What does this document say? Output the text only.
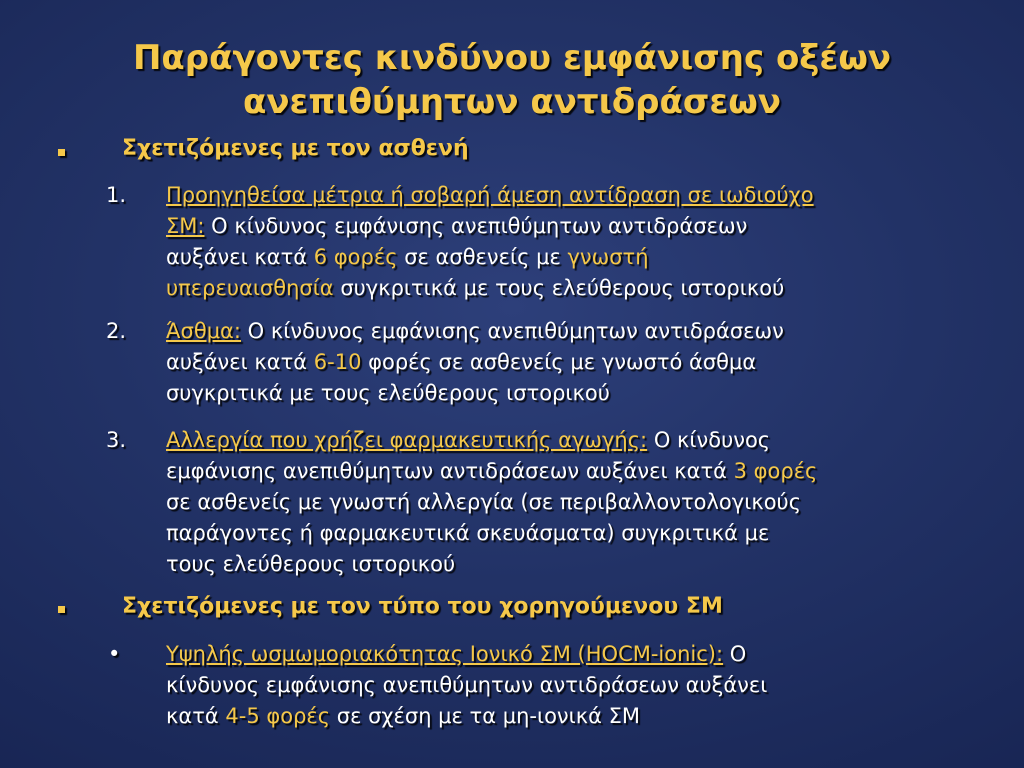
Παράγοντες κινδύνου εμφάνισης οξέων
ανεπιθύμητων αντιδράσεων
Σχετιζόμενες με τον ασθενή
1. Προηγηθείσα μέτρια ή σοβαρή άμεση αντίδραση σε ιωδιούχο
ΣΜ: Ο κίνδυνος εμφάνισης ανεπιθύμητων αντιδράσεων
αυξάνει κατά 6 φορές σε ασθενείς με γνωστή
υπερευαισθησία συγκριτικά με τους ελεύθερους ιστορικού
2. Άσθμα: Ο κίνδυνος εμφάνισης ανεπιθύμητων αντιδράσεων
αυξάνει κατά 6-10 φορές σε ασθενείς με γνωστό άσθμα
συγκριτικά με τους ελεύθερους ιστορικού
3. Αλλεργία που χρήζει φαρμακευτικής αγωγής: Ο κίνδυνος
εμφάνισης ανεπιθύμητων αντιδράσεων αυξάνει κατά 3 φορές
σε ασθενείς με γνωστή αλλεργία (σε περιβαλλοντολογικούς
παράγοντες ή φαρμακευτικά σκευάσματα) συγκριτικά με
τους ελεύθερους ιστορικού
Σχετιζόμενες με τον τύπο του χορηγούμενου ΣΜ
• Υψηλής ωσμωμοριακότητας Ιονικό ΣΜ (HOCM-ionic): Ο
κίνδυνος εμφάνισης ανεπιθύμητων αντιδράσεων αυξάνει
κατά 4-5 φορές σε σχέση με τα μη-ιονικά ΣΜ
